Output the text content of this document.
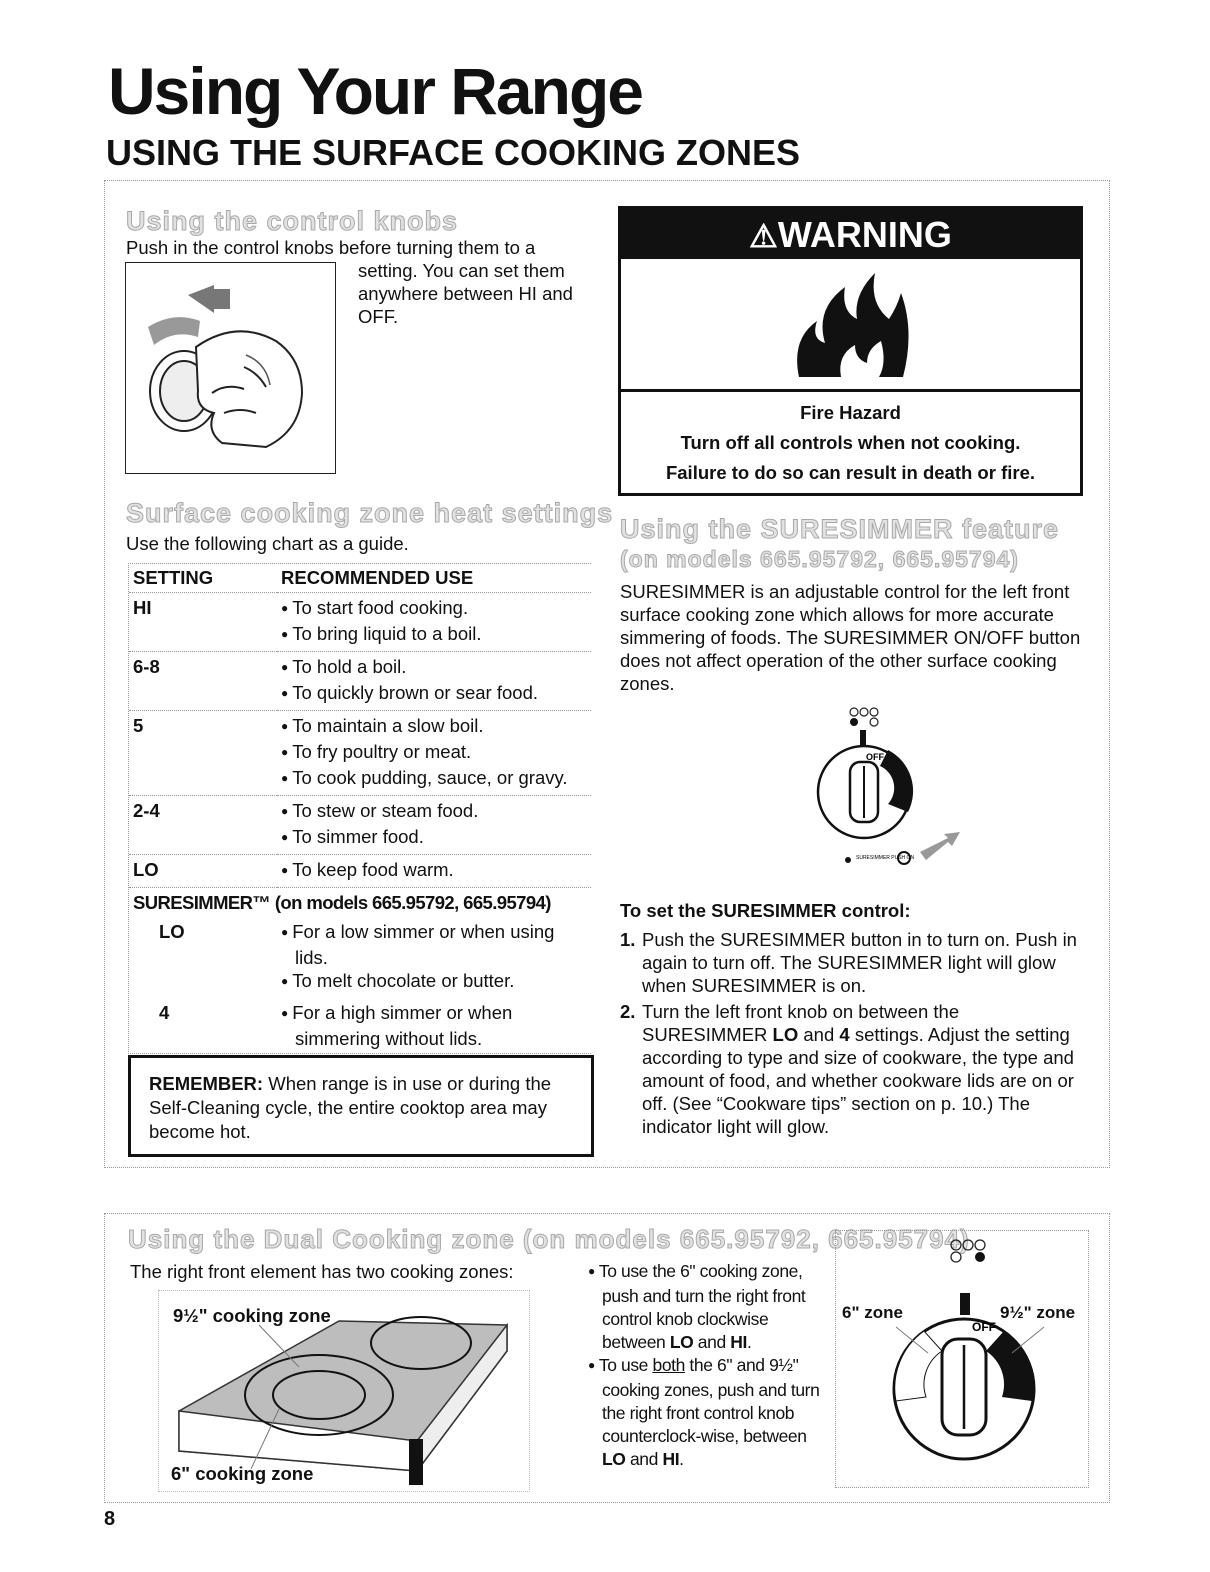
Using Your Range
USING THE SURFACE COOKING ZONES
Using the control knobs
Push in the control knobs before turning them to a
setting. You can set them anywhere between HI and OFF.
⚠WARNING
Fire Hazard
Turn off all controls when not cooking.
Failure to do so can result in death or fire.
Surface cooking zone heat settings
Use the following chart as a guide.
SETTING	RECOMMENDED USE
HI	● To start food cooking.
● To bring liquid to a boil.

6-8	● To hold a boil.
● To quickly brown or sear food.

5	● To maintain a slow boil.
● To fry poultry or meat.
● To cook pudding, sauce, or gravy.

2-4	● To stew or steam food.
● To simmer food.

LO	● To keep food warm.

SURESIMMER™ (on models 665.95792, 665.95794)	
LO	● For a low simmer or when using lids.
● To melt chocolate or butter.

4	● For a high simmer or when simmering without lids.
REMEMBER: When range is in use or during the Self-Cleaning cycle, the entire cooktop area may become hot.
Using the SURESIMMER feature
(on models 665.95792, 665.95794)
SURESIMMER is an adjustable control for the left front surface cooking zone which allows for more accurate simmering of foods. The SURESIMMER ON/OFF button does not affect operation of the other surface cooking zones.
OFF
SURESIMMER PUSH ON
To set the SURESIMMER control:
1. Push the SURESIMMER button in to turn on. Push in again to turn off. The SURESIMMER light will glow when SURESIMMER is on.
2. Turn the left front knob on between the SURESIMMER LO and 4 settings. Adjust the setting according to type and size of cookware, the type and amount of food, and whether cookware lids are on or off. (See “Cookware tips” section on p. 10.) The indicator light will glow.
Using the Dual Cooking zone (on models 665.95792, 665.95794)
The right front element has two cooking zones:
9½" cooking zone
6" cooking zone
● To use the 6" cooking zone, push and turn the right front control knob clockwise between LO and HI.
● To use both the 6" and 9½" cooking zones, push and turn the right front control knob counterclock-wise, between LO and HI.
OFF
6" zone	9½" zone
8
